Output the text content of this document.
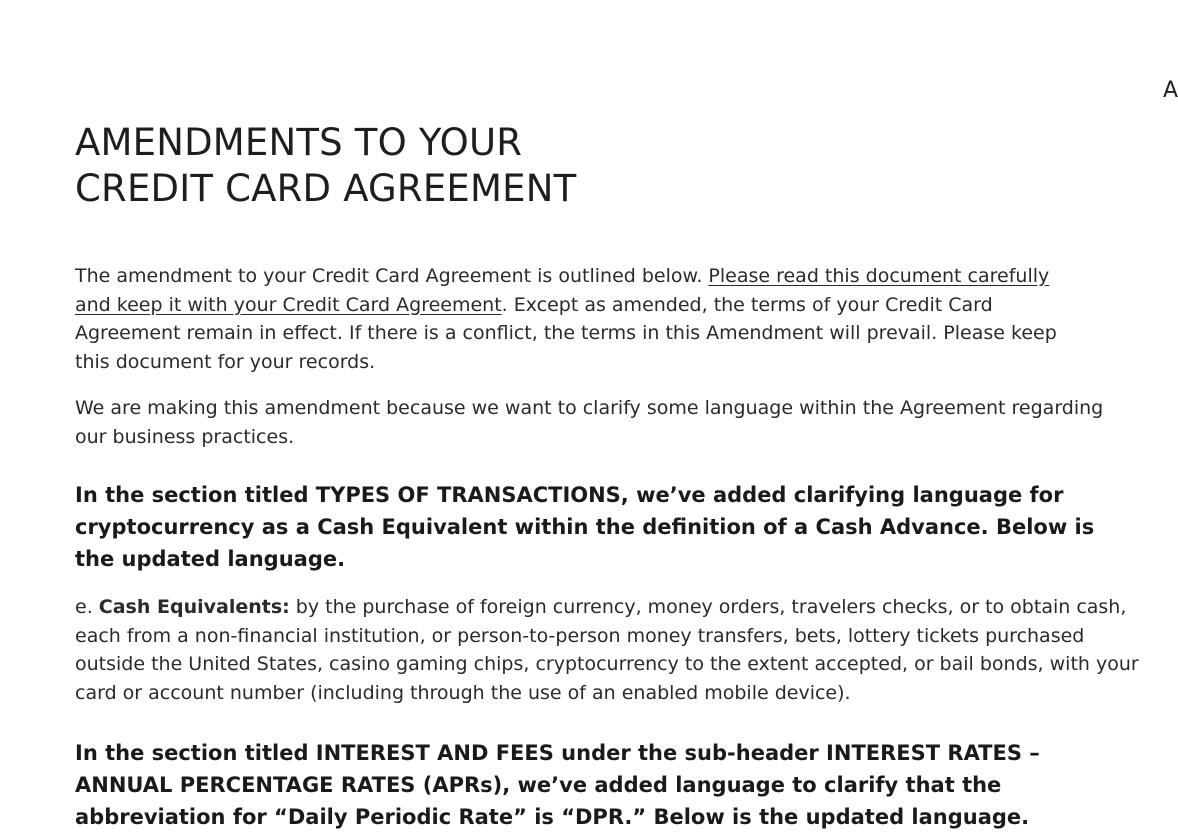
A
AMENDMENTS TO YOUR
CREDIT CARD AGREEMENT

The amendment to your Credit Card Agreement is outlined below. Please read this document carefully and keep it with your Credit Card Agreement. Except as amended, the terms of your Credit Card Agreement remain in effect. If there is a conflict, the terms in this Amendment will prevail. Please keep this document for your records.

We are making this amendment because we want to clarify some language within the Agreement regarding our business practices.

In the section titled TYPES OF TRANSACTIONS, we’ve added clarifying language for cryptocurrency as a Cash Equivalent within the definition of a Cash Advance. Below is the updated language.

e. Cash Equivalents: by the purchase of foreign currency, money orders, travelers checks, or to obtain cash, each from a non-financial institution, or person-to-person money transfers, bets, lottery tickets purchased outside the United States, casino gaming chips, cryptocurrency to the extent accepted, or bail bonds, with your card or account number (including through the use of an enabled mobile device).

In the section titled INTEREST AND FEES under the sub-header INTEREST RATES – ANNUAL PERCENTAGE RATES (APRs), we’ve added language to clarify that the abbreviation for “Daily Periodic Rate” is “DPR.” Below is the updated language.
